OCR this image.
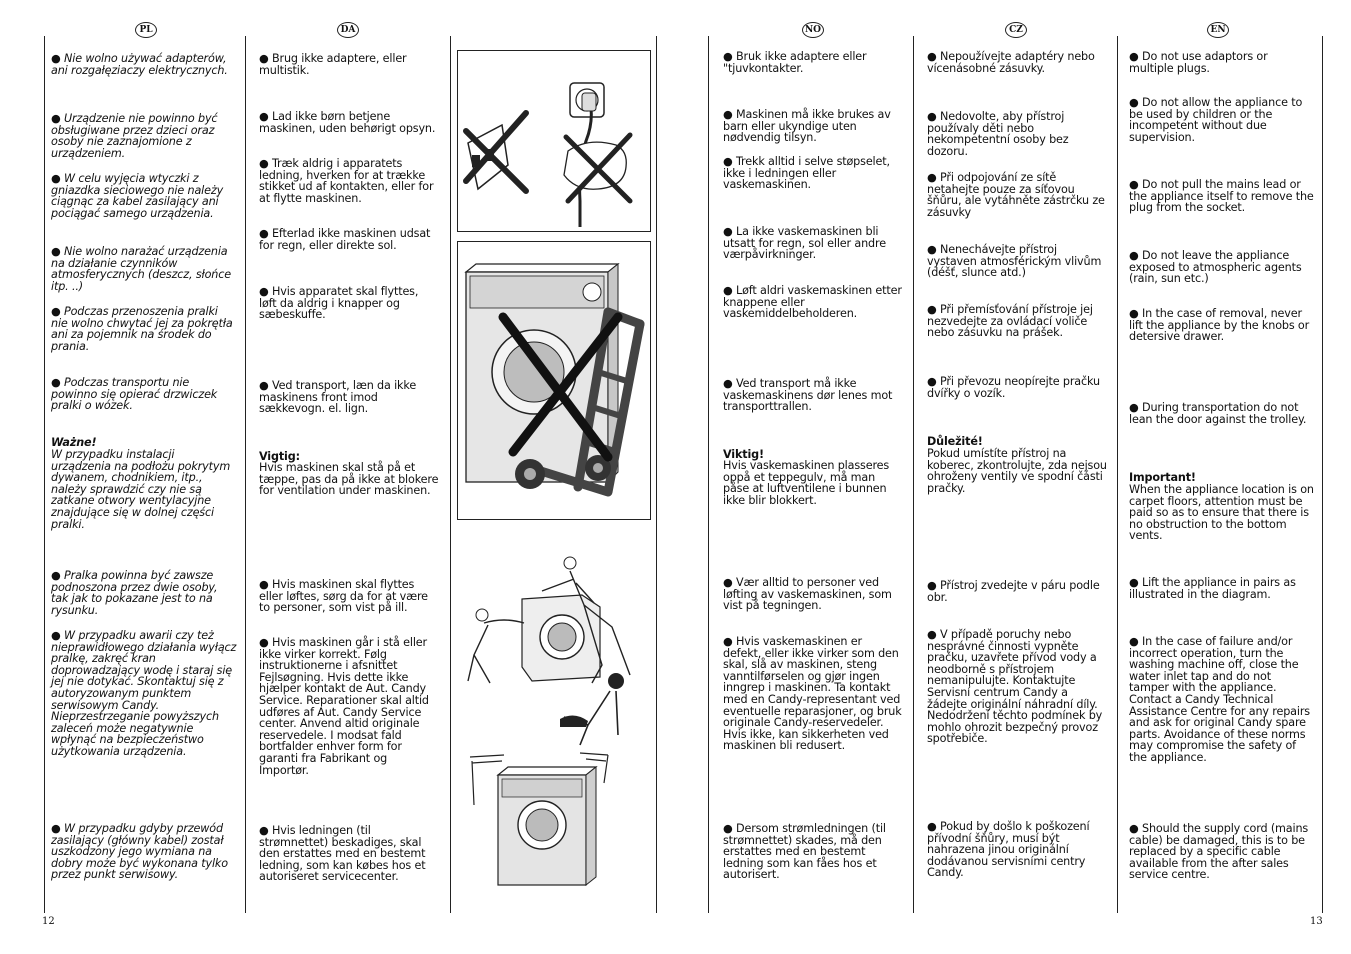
PL	DA	NO	CZ	EN

● Nie wolno używać adapterów, ani rozgałęziaczy elektrycznych.

● Urządzenie nie powinno być obsługiwane przez dzieci oraz osoby nie zaznajomione z urządzeniem.

● W celu wyjęcia wtyczki z gniazdka sieciowego nie należy ciągnąc za kabel zasilający ani pociągać samego urządzenia.

● Nie wolno narażać urządzenia na działanie czynników atmosferycznych (deszcz, słońce itp. ..)

● Podczas przenoszenia pralki nie wolno chwytać jej za pokrętła ani za pojemnik na środek do prania.

● Podczas transportu nie powinno się opierać drzwiczek pralki o wózek.

Ważne!

W przypadku instalacji urządzenia na podłożu pokrytym dywanem, chodnikiem, itp., należy sprawdzić czy nie są zatkane otwory wentylacyjne znajdujące się w dolnej części pralki.

● Pralka powinna być zawsze podnoszona przez dwie osoby, tak jak to pokazane jest to na rysunku.

● W przypadku awarii czy też nieprawidłowego działania wyłącz pralkę, zakręć kran doprowadzający wodę i staraj się jej nie dotykać. Skontaktuj się z autoryzowanym punktem serwisowym Candy. Nieprzestrzeganie powyższych zaleceń może negatywnie wpłynąć na bezpieczeństwo użytkowania urządzenia.

● W przypadku gdyby przewód zasilający (główny kabel) został uszkodzony jego wymiana na dobry może być wykonana tylko przez punkt serwisowy.

● Brug ikke adaptere, eller multistik.

● Lad ikke børn betjene maskinen, uden behørigt opsyn.

● Træk aldrig i apparatets ledning, hverken for at trække stikket ud af kontakten, eller for at flytte maskinen.

● Efterlad ikke maskinen udsat for regn, eller direkte sol.

● Hvis apparatet skal flyttes, løft da aldrig i knapper og sæbeskuffe.

● Ved transport, læn da ikke maskinens front imod sækkevogn. el. lign.

Vigtig:

Hvis maskinen skal stå på et tæppe, pas da på ikke at blokere for ventilation under maskinen.

● Hvis maskinen skal flyttes eller løftes, sørg da for at være to personer, som vist på ill.

● Hvis maskinen går i stå eller ikke virker korrekt. Følg instruktionerne i afsnittet Fejlsøgning. Hvis dette ikke hjælper kontakt de Aut. Candy Service. Reparationer skal altid udføres af Aut. Candy Service center. Anvend altid originale reservedele. I modsat fald bortfalder enhver form for garanti fra Fabrikant og Importør.

● Hvis ledningen (til strømnettet) beskadiges, skal den erstattes med en bestemt ledning, som kan købes hos et autoriseret servicecenter.

● Bruk ikke adaptere eller "tjuvkontakter.

● Maskinen må ikke brukes av barn eller ukyndige uten nødvendig tilsyn.

● Trekk alltid i selve støpselet, ikke i ledningen eller vaskemaskinen.

● La ikke vaskemaskinen bli utsatt for regn, sol eller andre værpåvirkninger.

● Løft aldri vaskemaskinen etter knappene eller vaskemiddelbeholderen.

● Ved transport må ikke vaskemaskinens dør lenes mot transporttrallen.

Viktig!

Hvis vaskemaskinen plasseres oppå et teppegulv, må man påse at luftventilene i bunnen ikke blir blokkert.

● Vær alltid to personer ved løfting av vaskemaskinen, som vist på tegningen.

● Hvis vaskemaskinen er defekt, eller ikke virker som den skal, slå av maskinen, steng vanntilførselen og gjør ingen inngrep i maskinen. Ta kontakt med en Candy-representant ved eventuelle reparasjoner, og bruk originale Candy-reservedeler. Hvis ikke, kan sikkerheten ved maskinen bli redusert.

● Dersom strømledningen (til strømnettet) skades, må den erstattes med en bestemt ledning som kan fåes hos et autorisert.

● Nepoužívejte adaptéry nebo vícenásobné zásuvky.

● Nedovolte, aby přístroj používaly děti nebo nekompetentní osoby bez dozoru.

● Při odpojování ze sítě netahejte pouze za síťovou šňůru, ale vytáhněte zástrčku ze zásuvky

● Nenechávejte přístroj vystaven atmosférickým vlivům (déšť, slunce atd.)

● Při přemísťování přístroje jej nezvedejte za ovládací voliče nebo zásuvku na prášek.

● Při převozu neopírejte pračku dvířky o vozík.

Důležité!

Pokud umístíte přístroj na koberec, zkontrolujte, zda nejsou ohroženy ventily ve spodní části pračky.

● Přístroj zvedejte v páru podle obr.

● V případě poruchy nebo nesprávné činnosti vypněte pračku, uzavřete přívod vody a neodborně s přístrojem nemanipulujte. Kontaktujte Servisní centrum Candy a žádejte originální náhradní díly. Nedodržení těchto podmínek by mohlo ohrozit bezpečný provoz spotřebiče.

● Pokud by došlo k poškození přívodní šňůry, musí být nahrazena jinou originální dodávanou servisními centry Candy.

● Do not use adaptors or multiple plugs.

● Do not allow the appliance to be used by children or the incompetent without due supervision.

● Do not pull the mains lead or the appliance itself to remove the plug from the socket.

● Do not leave the appliance exposed to atmospheric agents (rain, sun etc.)

● In the case of removal, never lift the appliance by the knobs or detersive drawer.

● During transportation do not lean the door against the trolley.

Important!

When the appliance location is on carpet floors, attention must be paid so as to ensure that there is no obstruction to the bottom vents.

● Lift the appliance in pairs as illustrated in the diagram.

● In the case of failure and/or incorrect operation, turn the washing machine off, close the water inlet tap and do not tamper with the appliance. Contact a Candy Technical Assistance Centre for any repairs and ask for original Candy spare parts. Avoidance of these norms may compromise the safety of the appliance.

● Should the supply cord (mains cable) be damaged, this is to be replaced by a specific cable available from the after sales service centre.

12	13
